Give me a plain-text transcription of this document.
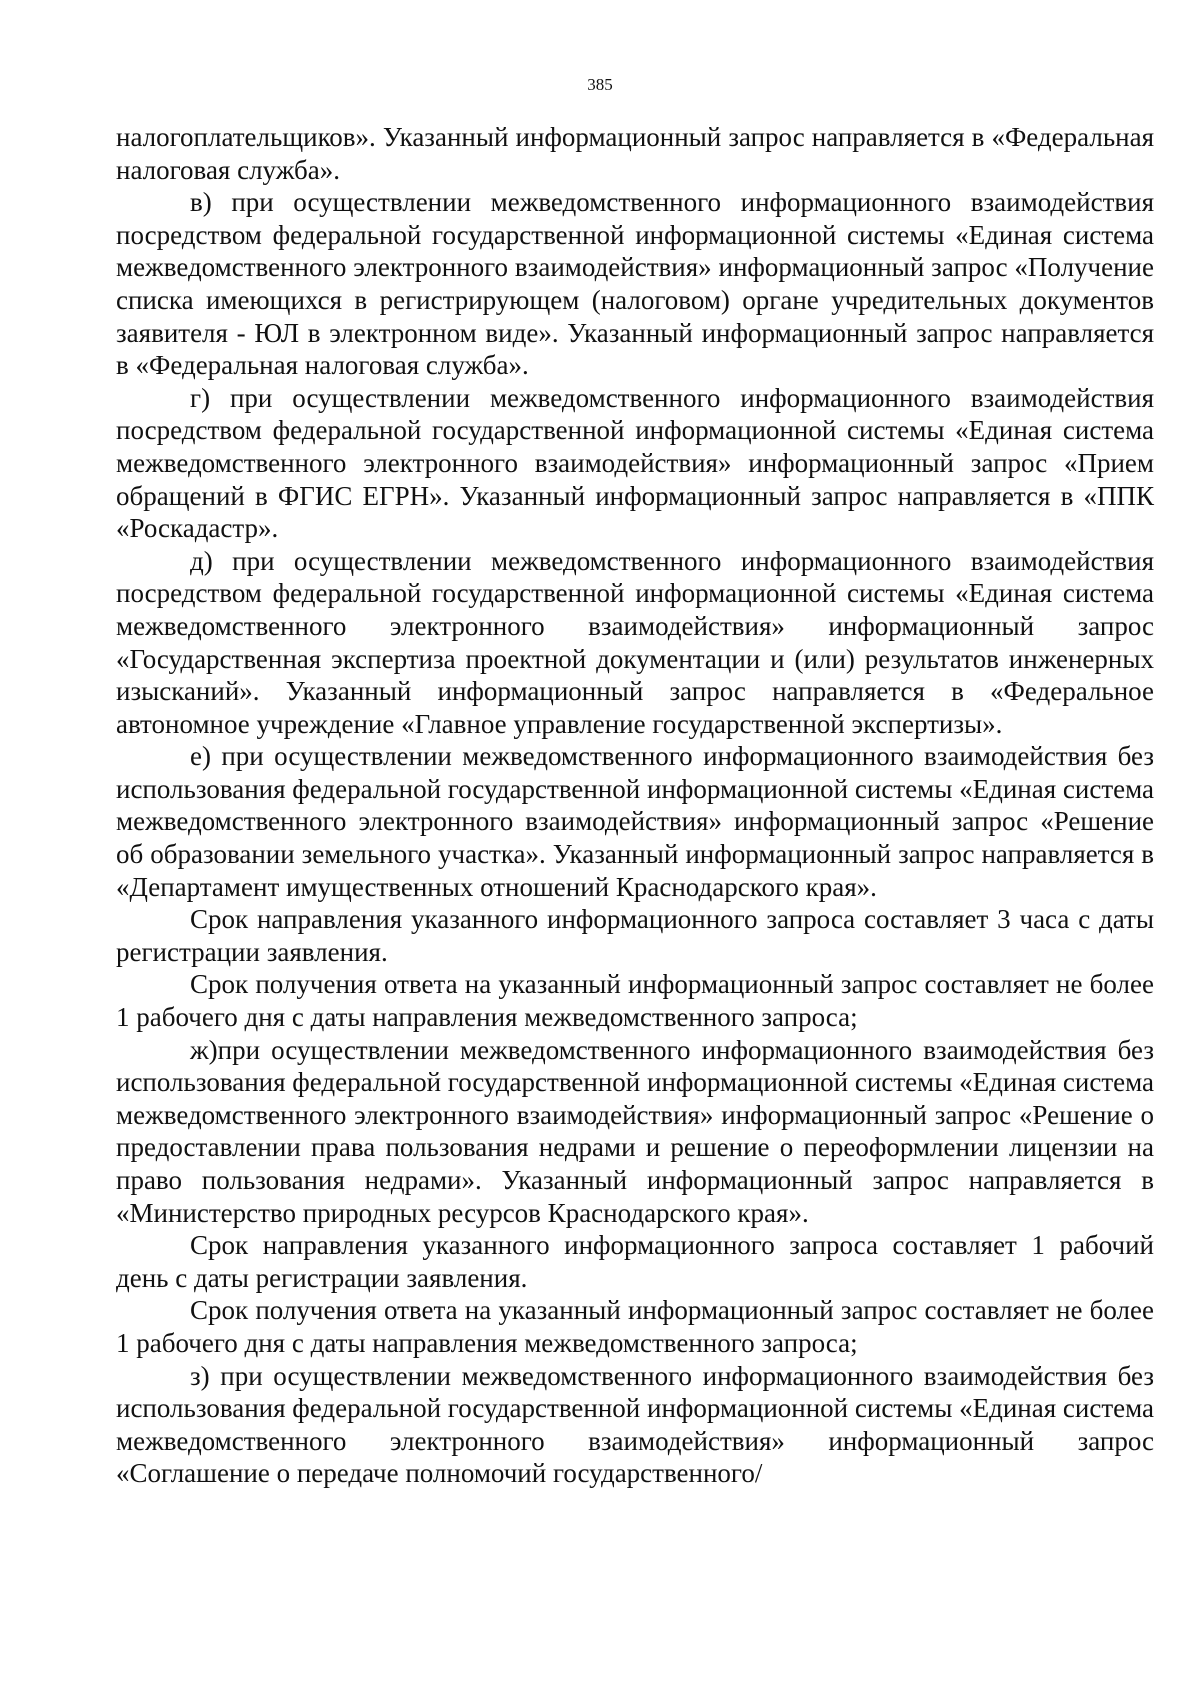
385

налогоплательщиков». Указанный информационный запрос направляется в «Федеральная налоговая служба».

в) при осуществлении межведомственного информационного взаимодействия посредством федеральной государственной информационной системы «Единая система межведомственного электронного взаимодействия» информационный запрос «Получение списка имеющихся в регистрирующем (налоговом) органе учредительных документов заявителя - ЮЛ в электронном виде». Указанный информационный запрос направляется в «Федеральная налоговая служба».

г) при осуществлении межведомственного информационного взаимодействия посредством федеральной государственной информационной системы «Единая система межведомственного электронного взаимодействия» информационный запрос «Прием обращений в ФГИС ЕГРН». Указанный информационный запрос направляется в «ППК «Роскадастр».

д) при осуществлении межведомственного информационного взаимодействия посредством федеральной государственной информационной системы «Единая система межведомственного электронного взаимодействия» информационный запрос «Государственная экспертиза проектной документации и (или) результатов инженерных изысканий». Указанный информационный запрос направляется в «Федеральное автономное учреждение «Главное управление государственной экспертизы».

е) при осуществлении межведомственного информационного взаимодействия без использования федеральной государственной информационной системы «Единая система межведомственного электронного взаимодействия» информационный запрос «Решение об образовании земельного участка». Указанный информационный запрос направляется в «Департамент имущественных отношений Краснодарского края».

Срок направления указанного информационного запроса составляет 3 часа с даты регистрации заявления.

Срок получения ответа на указанный информационный запрос составляет не более 1 рабочего дня с даты направления межведомственного запроса;

ж)при осуществлении межведомственного информационного взаимодействия без использования федеральной государственной информационной системы «Единая система межведомственного электронного взаимодействия» информационный запрос «Решение о предоставлении права пользования недрами и решение о переоформлении лицензии на право пользования недрами». Указанный информационный запрос направляется в «Министерство природных ресурсов Краснодарского края».

Срок направления указанного информационного запроса составляет 1 рабочий день с даты регистрации заявления.

Срок получения ответа на указанный информационный запрос составляет не более 1 рабочего дня с даты направления межведомственного запроса;

з) при осуществлении межведомственного информационного взаимодействия без использования федеральной государственной информационной системы «Единая система межведомственного электронного взаимодействия» информационный запрос «Соглашение о передаче полномочий государственного/
